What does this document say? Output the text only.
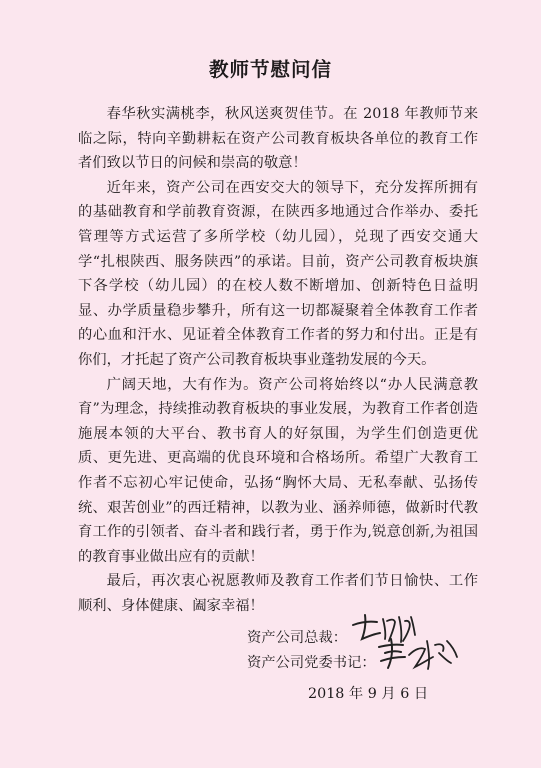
教师节慰问信

春华秋实满桃李，秋风送爽贺佳节。在 2018 年教师节来临之际，特向辛勤耕耘在资产公司教育板块各单位的教育工作者们致以节日的问候和崇高的敬意！

近年来，资产公司在西安交大的领导下，充分发挥所拥有的基础教育和学前教育资源，在陕西多地通过合作举办、委托管理等方式运营了多所学校（幼儿园），兑现了西安交通大学“扎根陕西、服务陕西”的承诺。目前，资产公司教育板块旗下各学校（幼儿园）的在校人数不断增加、创新特色日益明显、办学质量稳步攀升，所有这一切都凝聚着全体教育工作者的心血和汗水、见证着全体教育工作者的努力和付出。正是有你们，才托起了资产公司教育板块事业蓬勃发展的今天。

广阔天地，大有作为。资产公司将始终以“办人民满意教育”为理念，持续推动教育板块的事业发展，为教育工作者创造施展本领的大平台、教书育人的好氛围，为学生们创造更优质、更先进、更高端的优良环境和合格场所。希望广大教育工作者不忘初心牢记使命，弘扬“胸怀大局、无私奉献、弘扬传统、艰苦创业”的西迁精神，以教为业、涵养师德，做新时代教育工作的引领者、奋斗者和践行者，勇于作为,锐意创新,为祖国的教育事业做出应有的贡献！

最后，再次衷心祝愿教师及教育工作者们节日愉快、工作顺利、身体健康、阖家幸福！

资产公司总裁：
资产公司党委书记：
2018 年 9 月 6 日
